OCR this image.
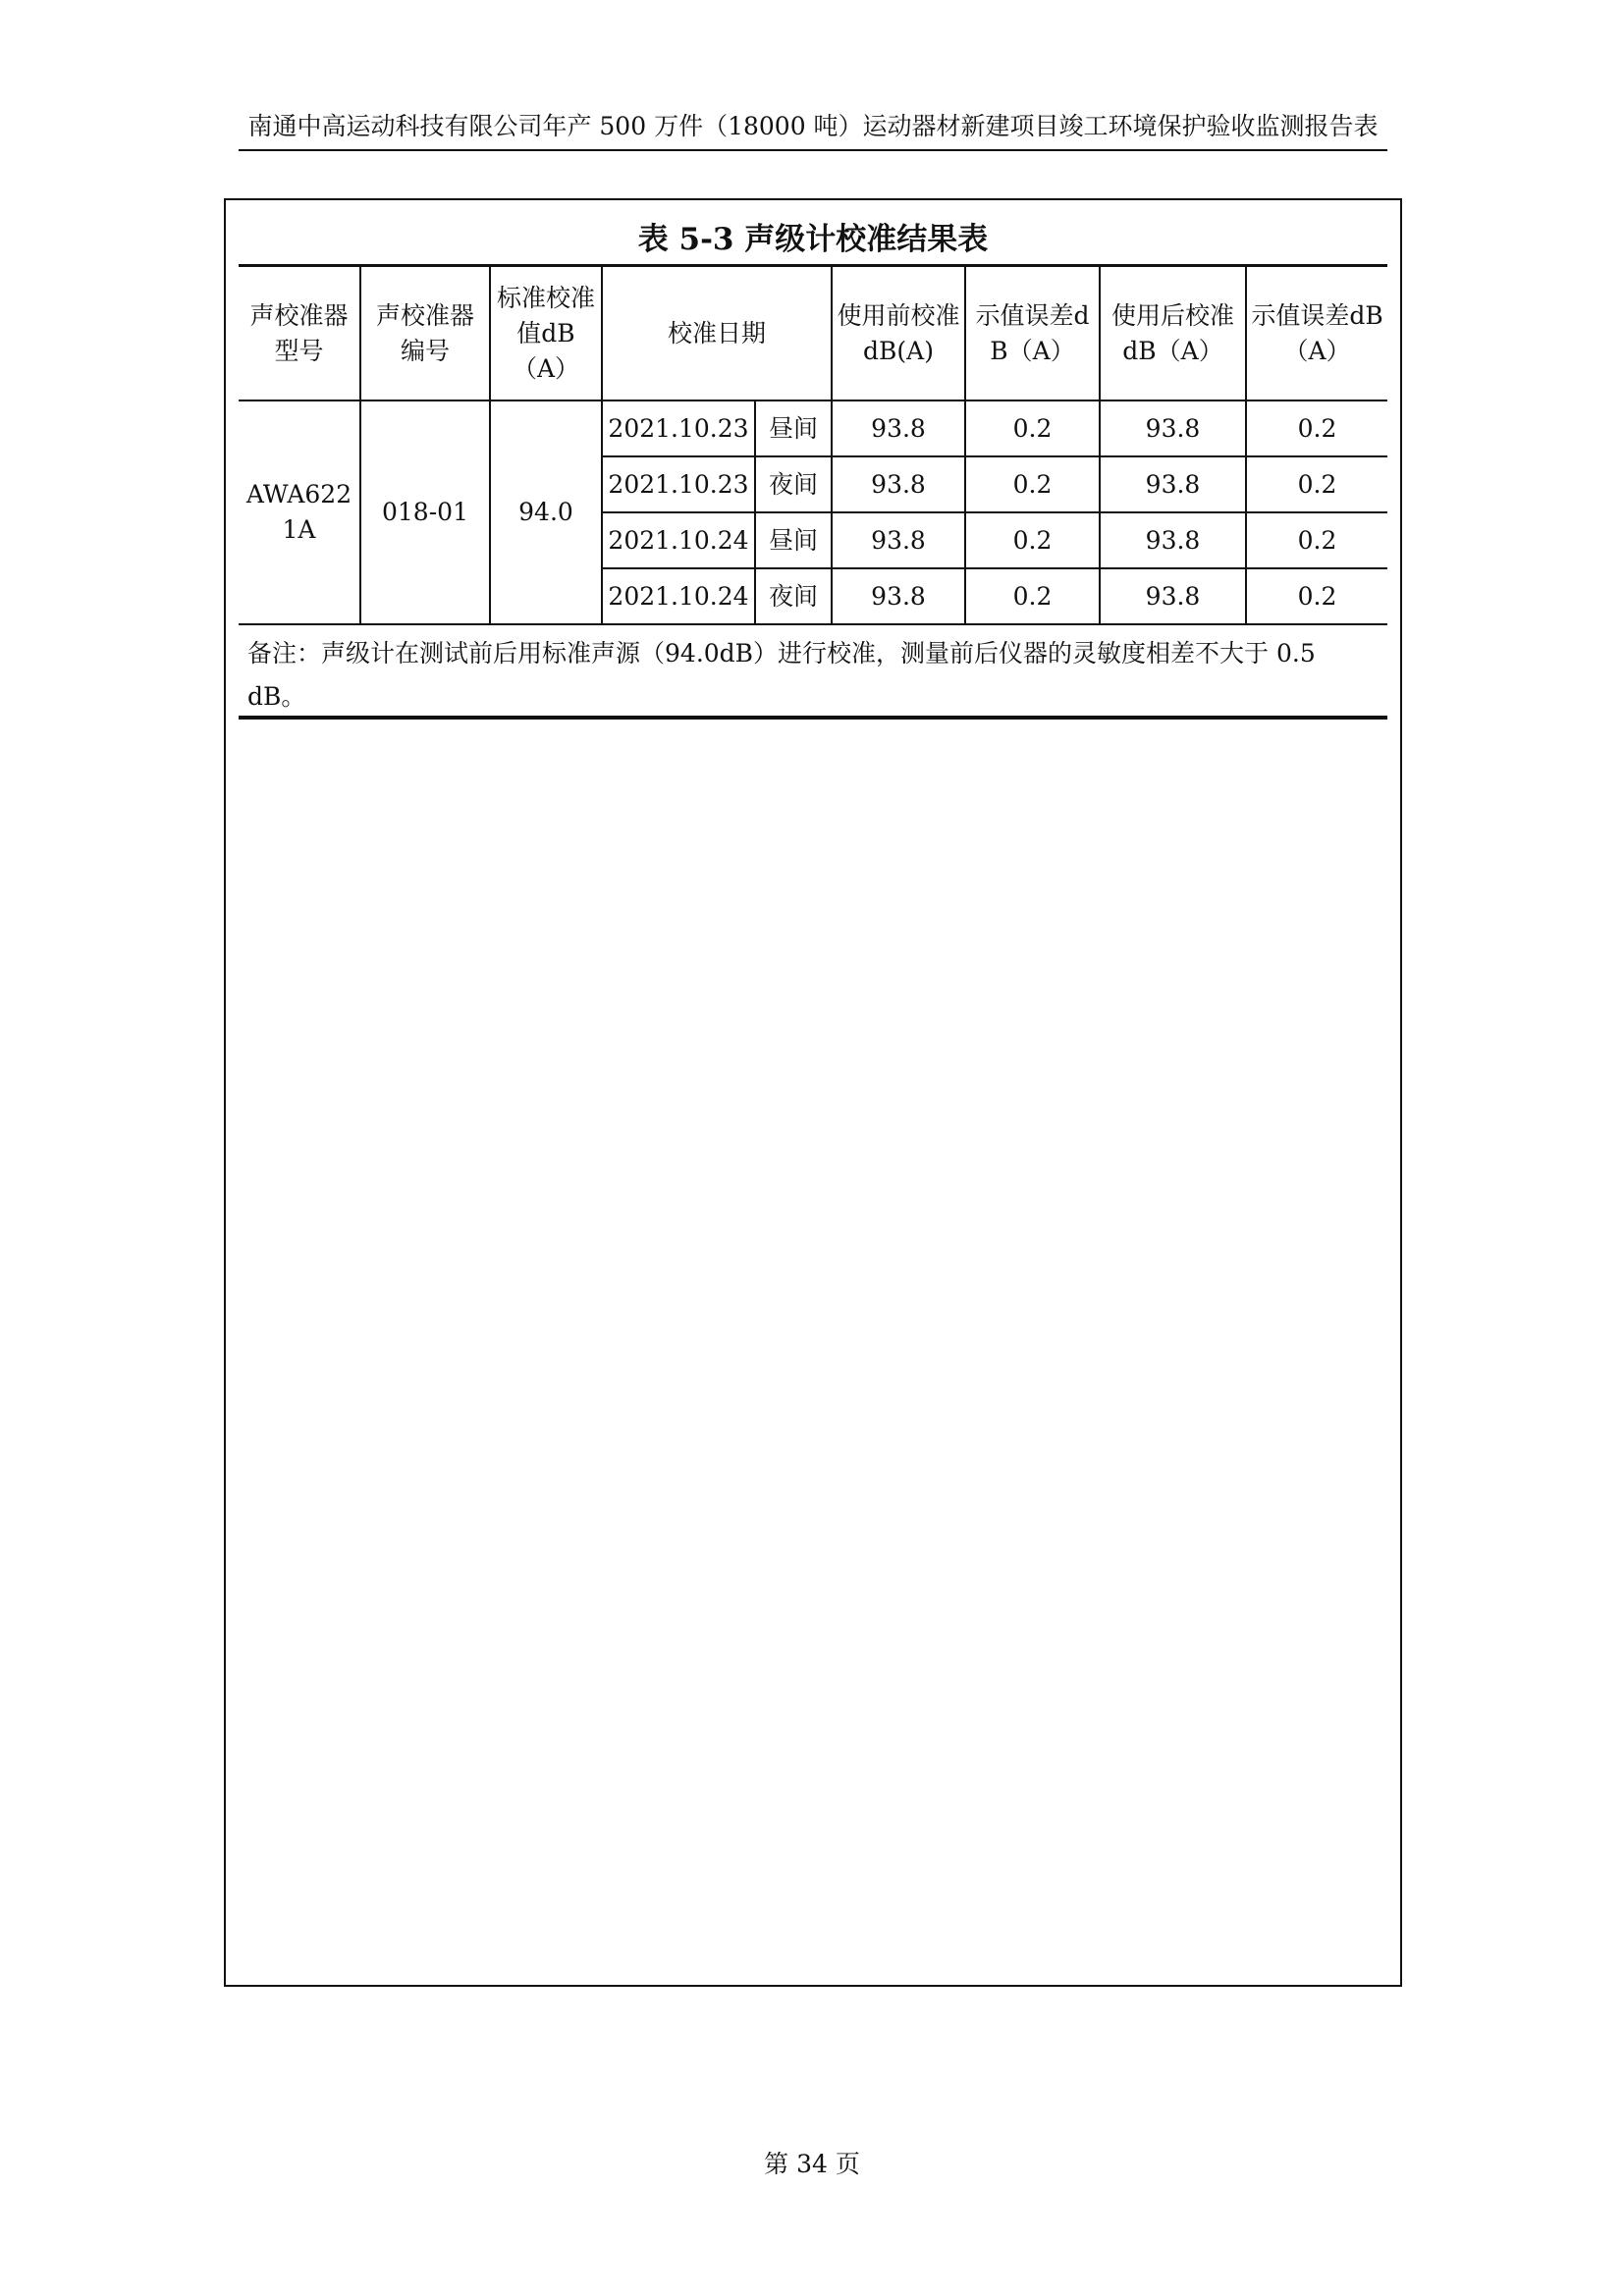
南通中高运动科技有限公司年产 500 万件（18000 吨）运动器材新建项目竣工环境保护验收监测报告表
表 5-3 声级计校准结果表
声校准器型号	声校准器编号	标准校准值dB（A）	校准日期		使用前校准 dB(A)	示值误差dB（A）	使用后校准 dB（A）	示值误差dB（A）
AWA6221A	018-01	94.0	2021.10.23	昼间	93.8	0.2	93.8	0.2
			2021.10.23	夜间	93.8	0.2	93.8	0.2
			2021.10.24	昼间	93.8	0.2	93.8	0.2
			2021.10.24	夜间	93.8	0.2	93.8	0.2
备注：声级计在测试前后用标准声源（94.0dB）进行校准，测量前后仪器的灵敏度相差不大于 0.5 dB。
第 34 页
